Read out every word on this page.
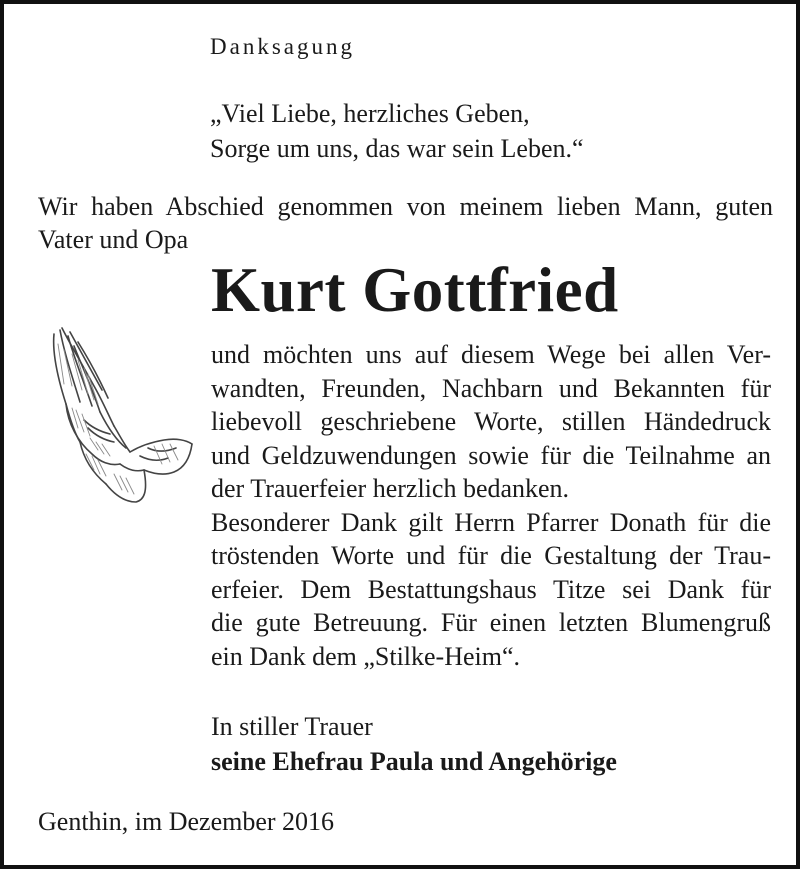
Danksagung
„Viel Liebe, herzliches Geben,
Sorge um uns, das war sein Leben.“
Wir haben Abschied genommen von meinem lieben Mann, guten
Vater und Opa
Kurt Gottfried
und möchten uns auf diesem Wege bei allen Ver-
wandten, Freunden, Nachbarn und Bekannten für
liebevoll geschriebene Worte, stillen Händedruck
und Geldzuwendungen sowie für die Teilnahme an
der Trauerfeier herzlich bedanken.
Besonderer Dank gilt Herrn Pfarrer Donath für die
tröstenden Worte und für die Gestaltung der Trau-
erfeier. Dem Bestattungshaus Titze sei Dank für
die gute Betreuung. Für einen letzten Blumengruß
ein Dank dem „Stilke-Heim“.
In stiller Trauer
seine Ehefrau Paula und Angehörige
Genthin, im Dezember 2016
